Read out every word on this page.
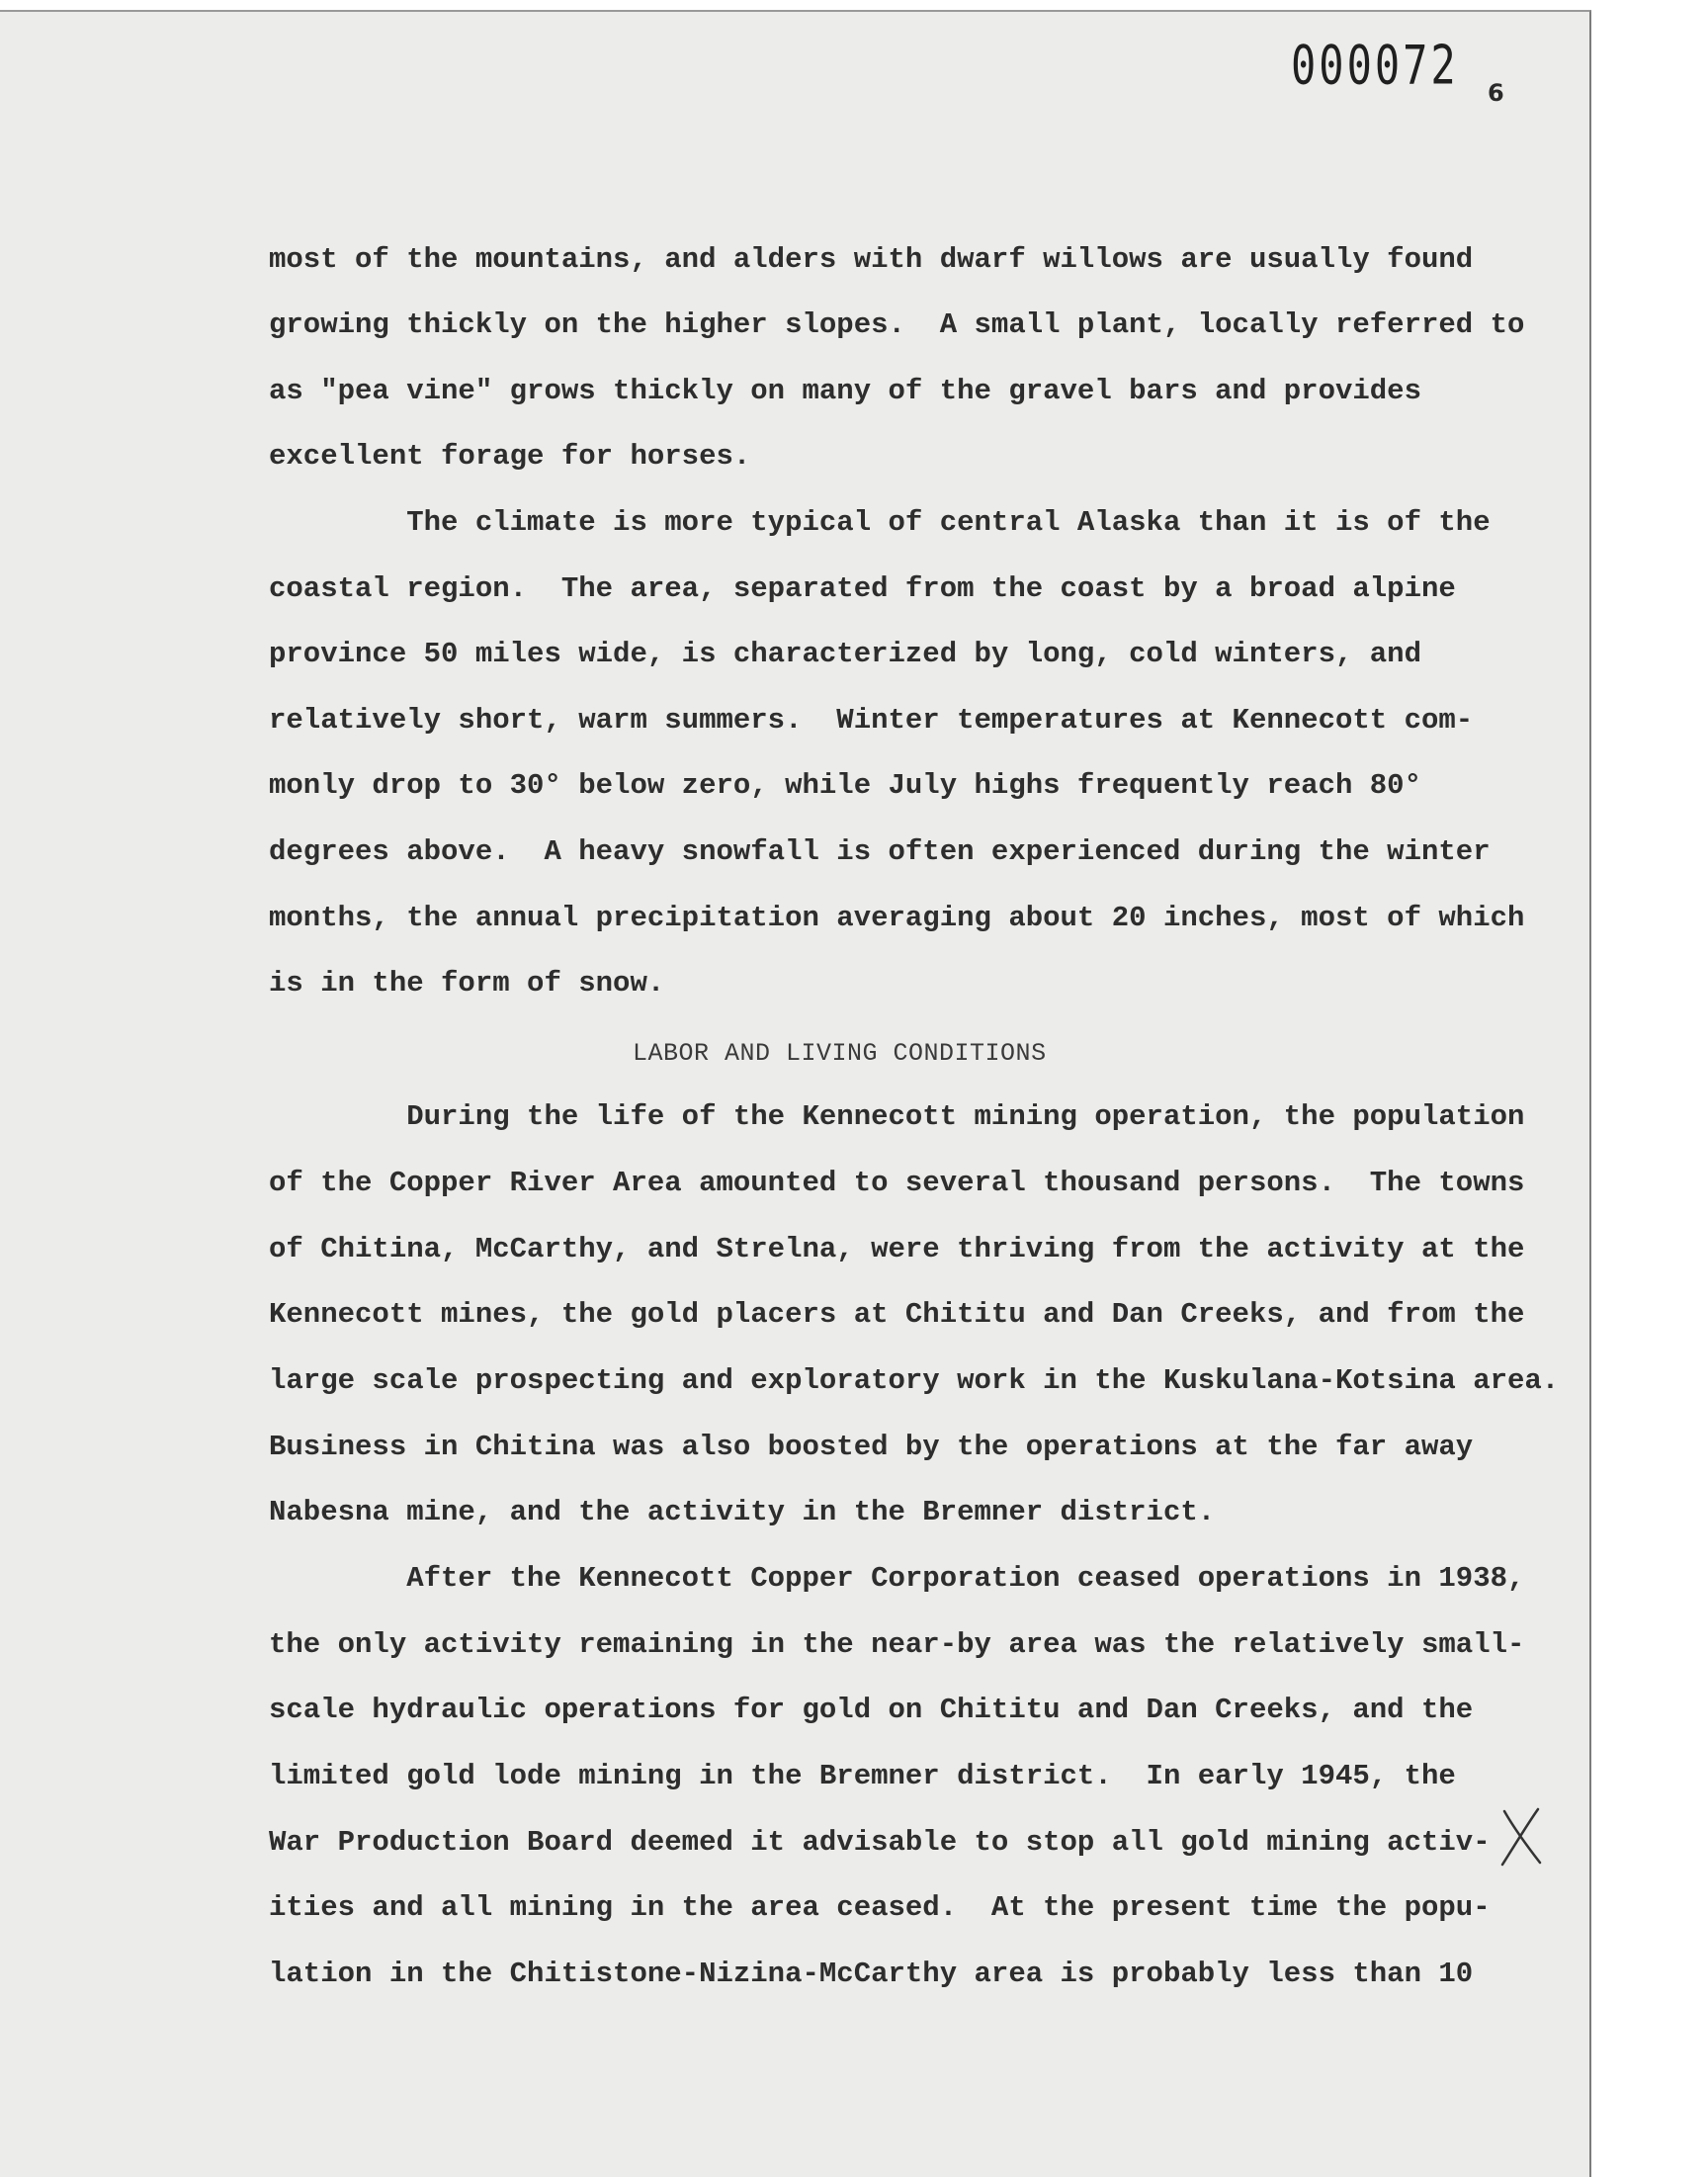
000072 6
most of the mountains, and alders with dwarf willows are usually found
growing thickly on the higher slopes.  A small plant, locally referred to
as "pea vine" grows thickly on many of the gravel bars and provides
excellent forage for horses.
The climate is more typical of central Alaska than it is of the
coastal region.  The area, separated from the coast by a broad alpine
province 50 miles wide, is characterized by long, cold winters, and
relatively short, warm summers.  Winter temperatures at Kennecott com-
monly drop to 30° below zero, while July highs frequently reach 80°
degrees above.  A heavy snowfall is often experienced during the winter
months, the annual precipitation averaging about 20 inches, most of which
is in the form of snow.
LABOR AND LIVING CONDITIONS
During the life of the Kennecott mining operation, the population
of the Copper River Area amounted to several thousand persons.  The towns
of Chitina, McCarthy, and Strelna, were thriving from the activity at the
Kennecott mines, the gold placers at Chititu and Dan Creeks, and from the
large scale prospecting and exploratory work in the Kuskulana-Kotsina area.
Business in Chitina was also boosted by the operations at the far away
Nabesna mine, and the activity in the Bremner district.
After the Kennecott Copper Corporation ceased operations in 1938,
the only activity remaining in the near-by area was the relatively small-
scale hydraulic operations for gold on Chititu and Dan Creeks, and the
limited gold lode mining in the Bremner district.  In early 1945, the
War Production Board deemed it advisable to stop all gold mining activ-
ities and all mining in the area ceased.  At the present time the popu-
lation in the Chitistone-Nizina-McCarthy area is probably less than 10
